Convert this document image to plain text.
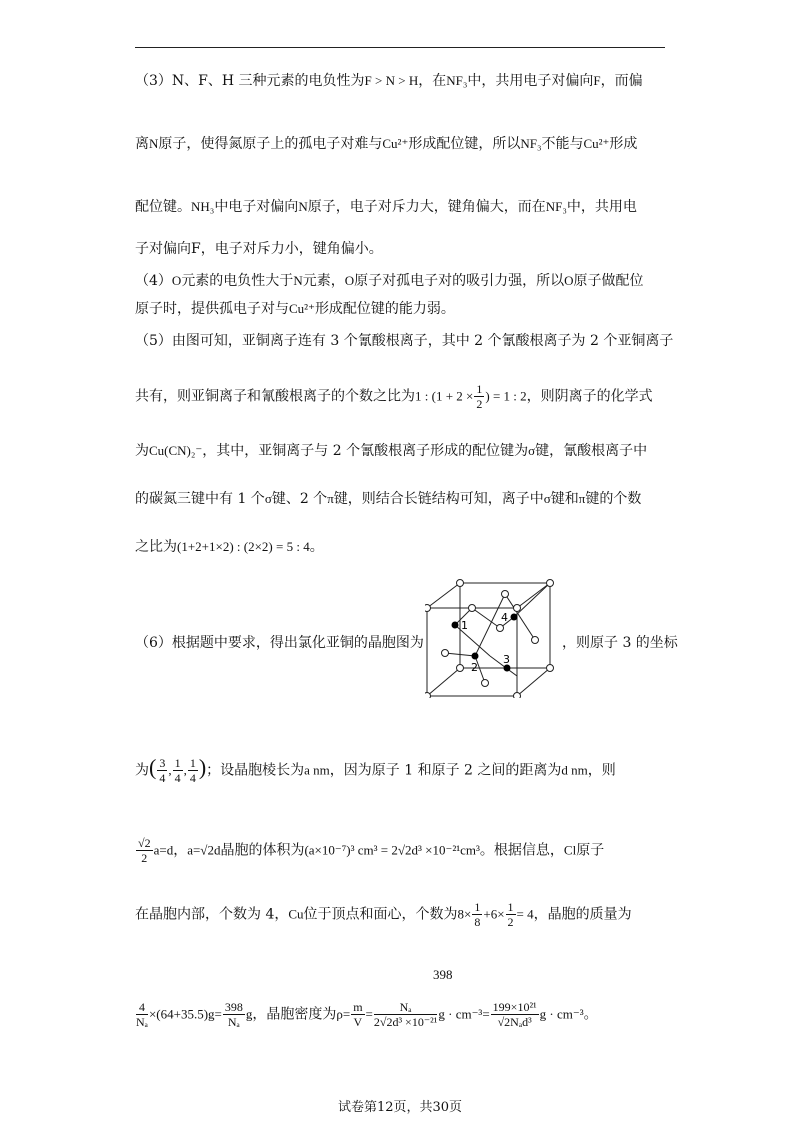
（3）N、F、H 三种元素的电负性为F > N > H，在NF₃中，共用电子对偏向F，而偏
离N原子，使得氮原子上的孤电子对难与Cu²⁺形成配位键，所以NF₃不能与Cu²⁺形成
配位键。NH₃中电子对偏向N原子，电子对斥力大，键角偏大，而在NF₃中，共用电
子对偏向F，电子对斥力小，键角偏小。
（4）O元素的电负性大于N元素，O原子对孤电子对的吸引力强，所以O原子做配位
原子时，提供孤电子对与Cu²⁺形成配位键的能力弱。
（5）由图可知，亚铜离子连有 3 个氰酸根离子，其中 2 个氰酸根离子为 2 个亚铜离子
共有，则亚铜离子和氰酸根离子的个数之比为1 : ($1 + 2 \times \frac{1}{2}$ ) = 1 : 2，则阴离子的化学式
为Cu(CN)₂⁻，其中，亚铜离子与 2 个氰酸根离子形成的配位键为σ键，氰酸根离子中
的碳氮三键中有 1 个σ键、2 个π键，则结合长链结构可知，离子中σ键和π键的个数
之比为(1+2+1×2) : (2×2) = 5 : 4。
（6）根据题中要求，得出氯化亚铜的晶胞图为
1
2
3
4
，则原子 3 的坐标
为( $\frac{3}{4}$ , $\frac{1}{4}$ , $\frac{1}{4}$ )；设晶胞棱长为a nm，因为原子 1 和原子 2 之间的距离为d nm，则
$\frac{√2}{2} a=d$，a=√2d晶胞的体积为(a×10⁻⁷)³ cm³ = 2√2d³ ×10⁻²¹cm³。根据信息，Cl原子
在晶胞内部，个数为 4，Cu位于顶点和面心，个数为$8\times \frac{1}{8} +6\times \frac{1}{2} = 4$，晶胞的质量为
398
$\frac{4}{\text{Nₐ}} \times(64+35.5)g= \frac{398}{\text{Nₐ}}$ g，晶胞密度为$\rho= \frac{m}{V} = \frac{\text{Nₐ}}{\text{2√2d³ ×10⁻²¹}}$ $g \cdot cm^{-3}= \frac{\text{199×10²¹}}{\text{√2Nₐd³}}$ g · cm⁻³。
试卷第12页，共30页
